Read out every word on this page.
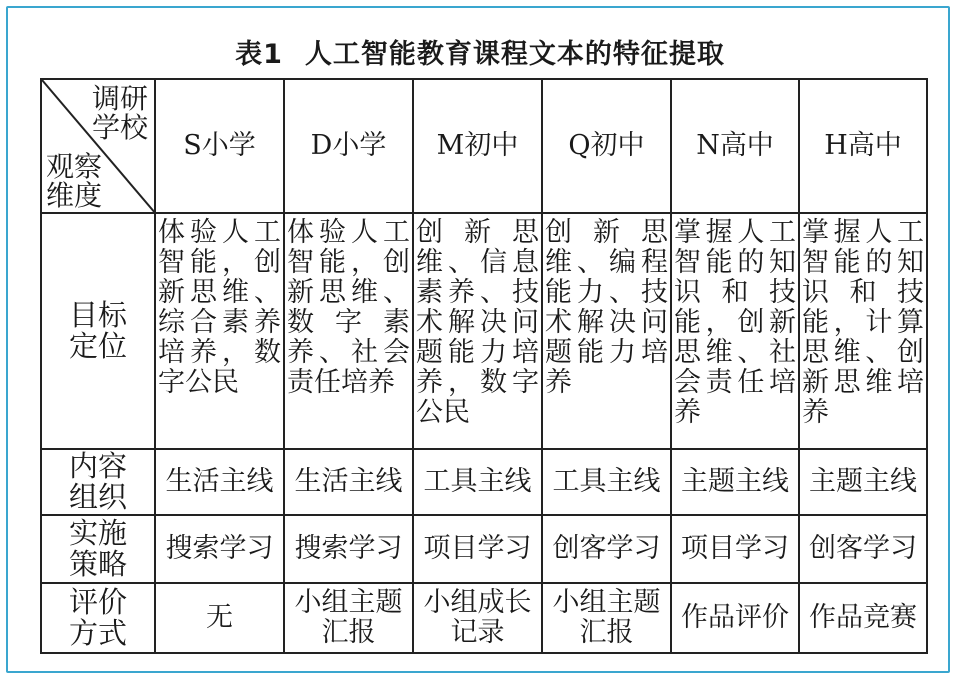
表1 人工智能教育课程文本的特征提取
调研
学校
观察
维度	S小学	D小学	M初中	Q初中	N高中	H高中

目标
定位	体验人工智能，创新思维、综合素养培养，数字公民	体验人工智能，创新思维、数字素养、社会责任培养	创新思维、信息素养、技术解决问题能力培养，数字公民	创新思维、编程能力、技术解决问题能力培养	掌握人工智能的知识和技能，创新思维、社会责任培养	掌握人工智能的知识和技能，计算思维、创新思维培养

内容
组织	生活主线	生活主线	工具主线	工具主线	主题主线	主题主线

实施
策略	搜索学习	搜索学习	项目学习	创客学习	项目学习	创客学习

评价
方式	无	小组主题汇报	小组成长记录	小组主题汇报	作品评价	作品竞赛
